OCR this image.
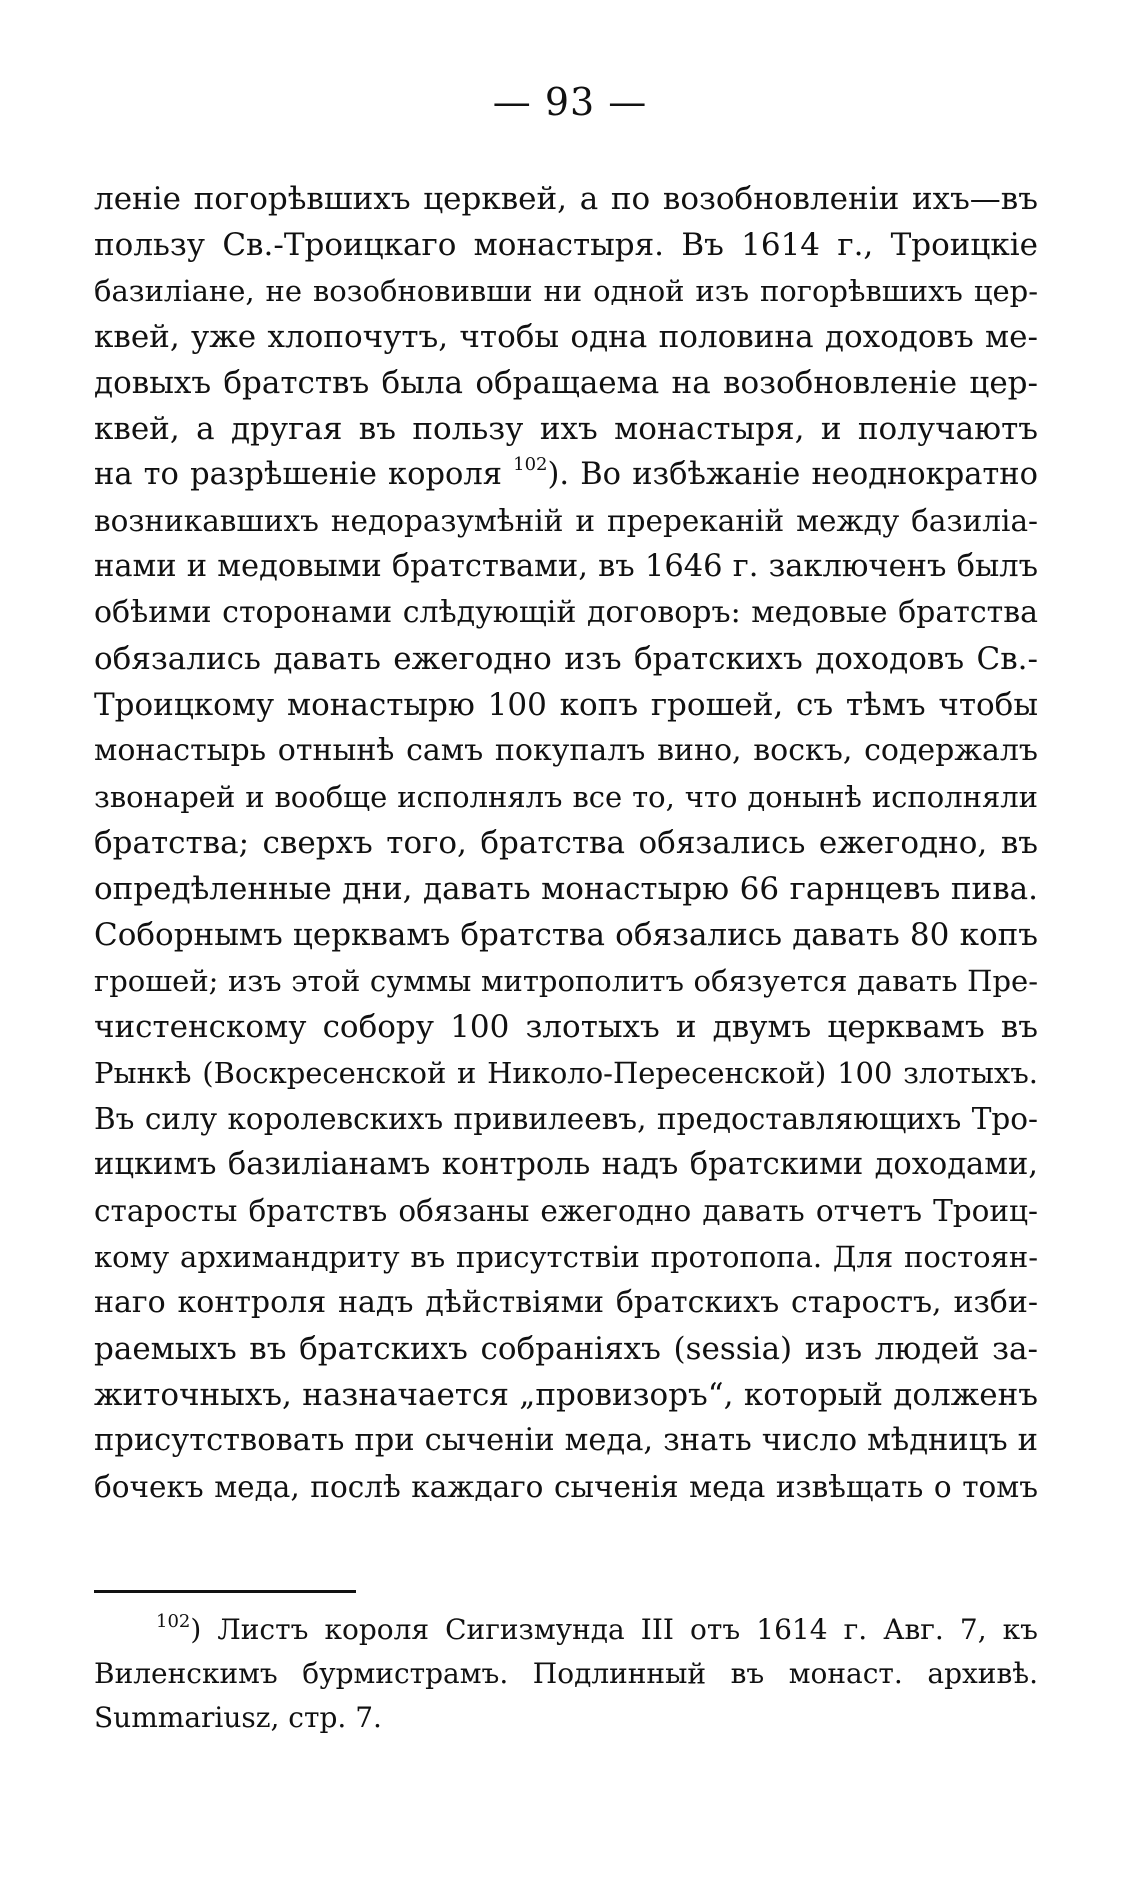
— 93 —
леніе погорѣвшихъ церквей, а по возобновленіи ихъ—въ
пользу Св.-Троицкаго монастыря. Въ 1614 г., Троицкіе
базиліане, не возобновивши ни одной изъ погорѣвшихъ цер-
квей, уже хлопочутъ, чтобы одна половина доходовъ ме-
довыхъ братствъ была обращаема на возобновленіе цер-
квей, а другая въ пользу ихъ монастыря, и получаютъ
на то разрѣшеніе короля $^{102}$). Во избѣжаніе неоднократно
возникавшихъ недоразумѣній и пререканій между базиліа-
нами и медовыми братствами, въ 1646 г. заключенъ былъ
обѣими сторонами слѣдующій договоръ: медовые братства
обязались давать ежегодно изъ братскихъ доходовъ Св.-
Троицкому монастырю 100 копъ грошей, съ тѣмъ чтобы
монастырь отнынѣ самъ покупалъ вино, воскъ, содержалъ
звонарей и вообще исполнялъ все то, что донынѣ исполняли
братства; сверхъ того, братства обязались ежегодно, въ
опредѣленные дни, давать монастырю 66 гарнцевъ пива.
Соборнымъ церквамъ братства обязались давать 80 копъ
грошей; изъ этой суммы митрополитъ обязуется давать Пре-
чистенскому собору 100 злотыхъ и двумъ церквамъ въ
Рынкѣ (Воскресенской и Николо-Пересенской) 100 злотыхъ.
Въ силу королевскихъ привилеевъ, предоставляющихъ Тро-
ицкимъ базиліанамъ контроль надъ братскими доходами,
старосты братствъ обязаны ежегодно давать отчетъ Троиц-
кому архимандриту въ присутствіи протопопа. Для постоян-
наго контроля надъ дѣйствіями братскихъ старостъ, изби-
раемыхъ въ братскихъ собраніяхъ (sessia) изъ людей за-
житочныхъ, назначается „провизоръ“, который долженъ
присутствовать при сыченіи меда, знать число мѣдницъ и
бочекъ меда, послѣ каждаго сыченія меда извѣщать о томъ
$^{102}$) Листъ короля Сигизмунда III отъ 1614 г. Авг. 7, къ
Виленскимъ бурмистрамъ. Подлинный въ монаст. архивѣ.
Summariusz, стр. 7.
